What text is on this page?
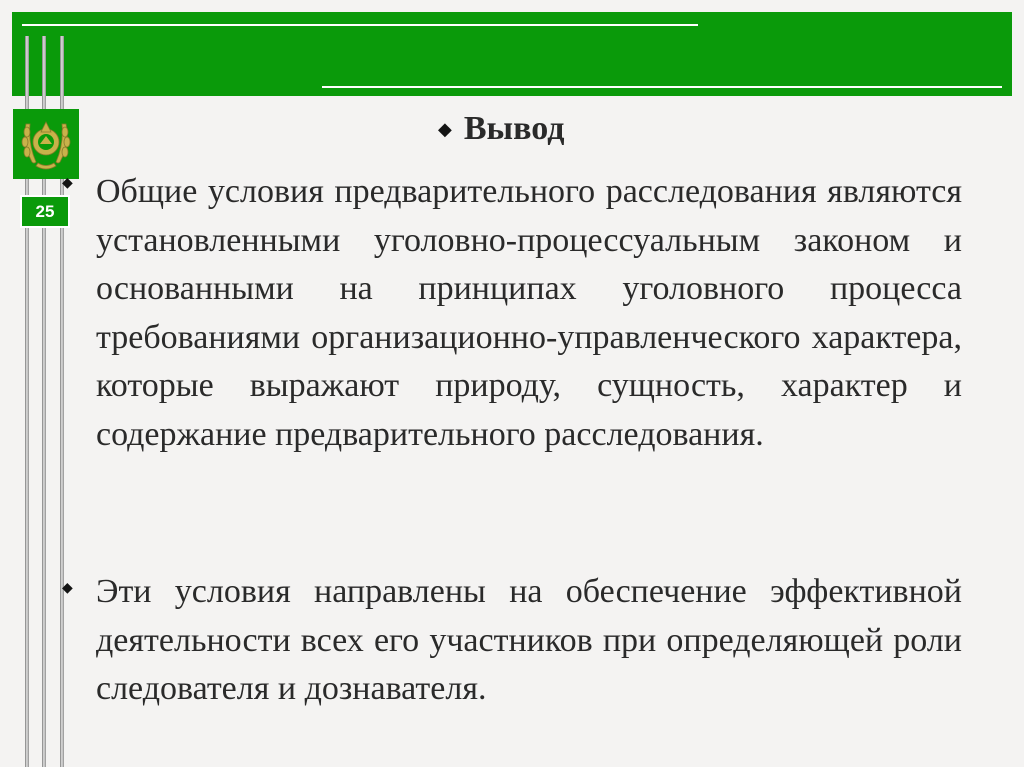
25
◆ Вывод
◆ Общие условия предварительного расследования являются установленными уголовно-процессуальным законом и основанными на принципах уголовного процесса требованиями организационно-управленческого характера, которые выражают природу, сущность, характер и содержание предварительного расследования.
◆ Эти условия направлены на обеспечение эффективной деятельности всех его участников при определяющей роли следователя и дознавателя.
